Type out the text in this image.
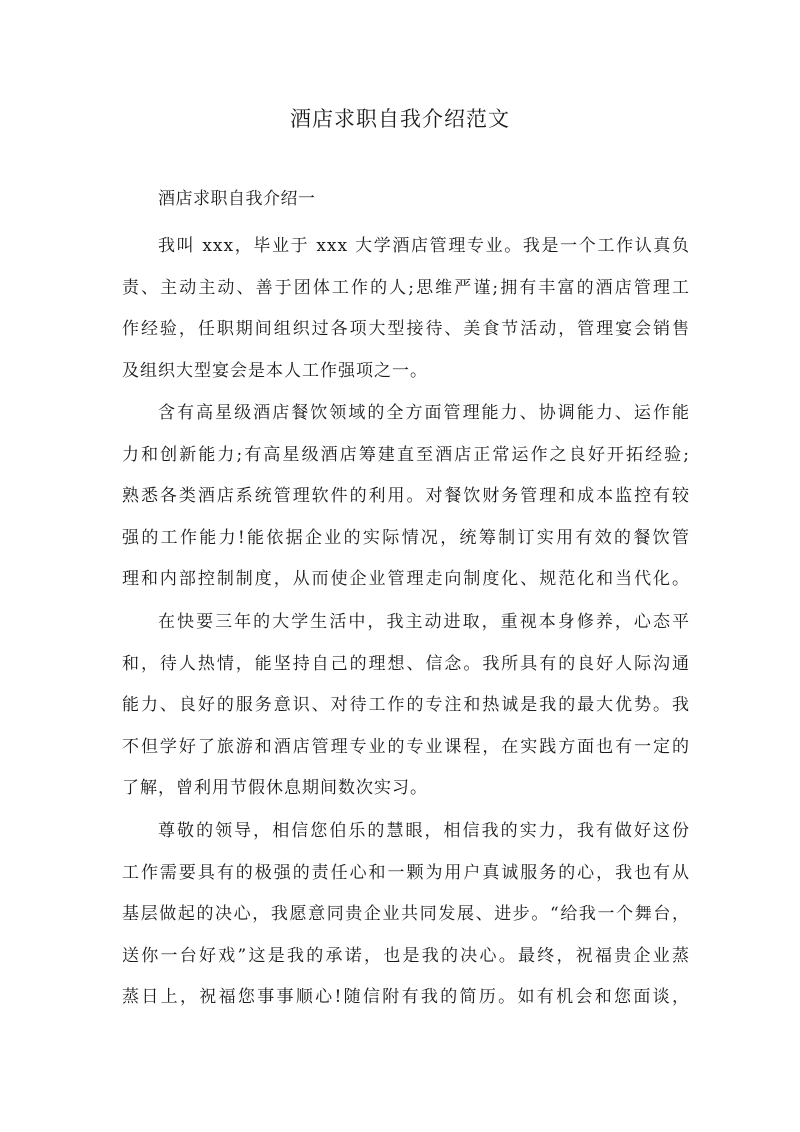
酒店求职自我介绍范文
酒店求职自我介绍一
我叫 xxx，毕业于 xxx 大学酒店管理专业。我是一个工作认真负
责、主动主动、善于团体工作的人;思维严谨;拥有丰富的酒店管理工
作经验，任职期间组织过各项大型接待、美食节活动，管理宴会销售
及组织大型宴会是本人工作强项之一。
含有高星级酒店餐饮领域的全方面管理能力、协调能力、运作能
力和创新能力;有高星级酒店筹建直至酒店正常运作之良好开拓经验;
熟悉各类酒店系统管理软件的利用。对餐饮财务管理和成本监控有较
强的工作能力!能依据企业的实际情况，统筹制订实用有效的餐饮管
理和内部控制制度，从而使企业管理走向制度化、规范化和当代化。
在快要三年的大学生活中，我主动进取，重视本身修养，心态平
和，待人热情，能坚持自己的理想、信念。我所具有的良好人际沟通
能力、良好的服务意识、对待工作的专注和热诚是我的最大优势。我
不但学好了旅游和酒店管理专业的专业课程，在实践方面也有一定的
了解，曾利用节假休息期间数次实习。
尊敬的领导，相信您伯乐的慧眼，相信我的实力，我有做好这份
工作需要具有的极强的责任心和一颗为用户真诚服务的心，我也有从
基层做起的决心，我愿意同贵企业共同发展、进步。“给我一个舞台，
送你一台好戏”这是我的承诺，也是我的决心。最终，祝福贵企业蒸
蒸日上，祝福您事事顺心!随信附有我的简历。如有机会和您面谈，
